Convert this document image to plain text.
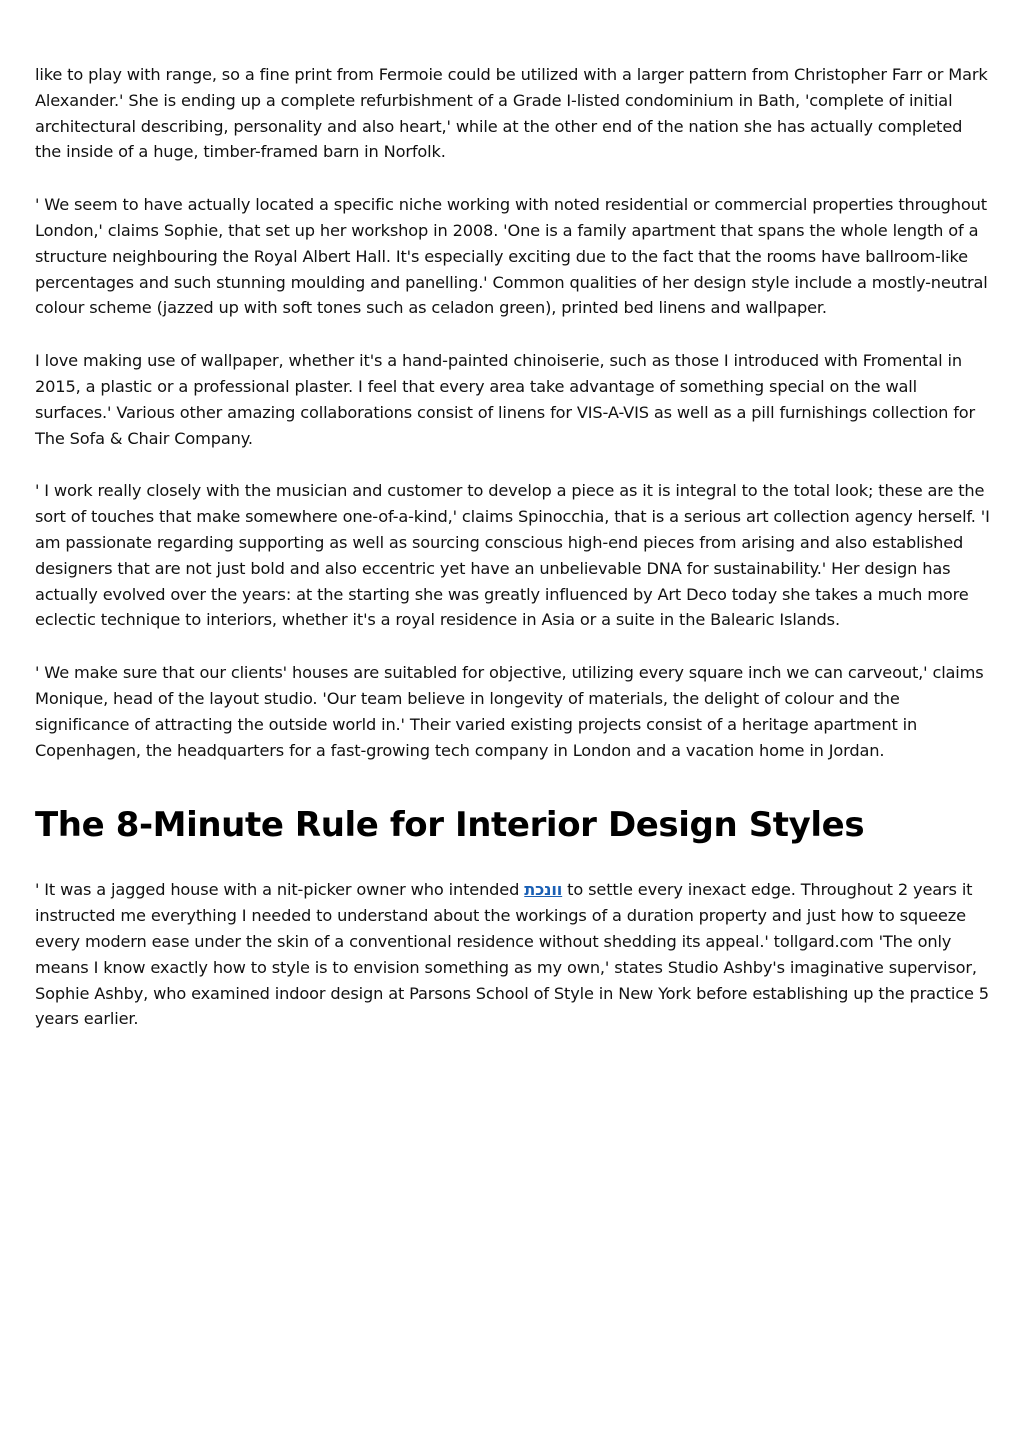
like to play with range, so a fine print from Fermoie could be utilized with a larger pattern from Christopher Farr or Mark Alexander.' She is ending up a complete refurbishment of a Grade I-listed condominium in Bath, 'complete of initial architectural describing, personality and also heart,' while at the other end of the nation she has actually completed the inside of a huge, timber-framed barn in Norfolk.

' We seem to have actually located a specific niche working with noted residential or commercial properties throughout London,' claims Sophie, that set up her workshop in 2008. 'One is a family apartment that spans the whole length of a structure neighbouring the Royal Albert Hall. It's especially exciting due to the fact that the rooms have ballroom-like percentages and such stunning moulding and panelling.' Common qualities of her design style include a mostly-neutral colour scheme (jazzed up with soft tones such as celadon green), printed bed linens and wallpaper.

I love making use of wallpaper, whether it's a hand-painted chinoiserie, such as those I introduced with Fromental in 2015, a plastic or a professional plaster. I feel that every area take advantage of something special on the wall surfaces.' Various other amazing collaborations consist of linens for VIS-A-VIS as well as a pill furnishings collection for The Sofa & Chair Company.

' I work really closely with the musician and customer to develop a piece as it is integral to the total look; these are the sort of touches that make somewhere one-of-a-kind,' claims Spinocchia, that is a serious art collection agency herself. 'I am passionate regarding supporting as well as sourcing conscious high-end pieces from arising and also established designers that are not just bold and also eccentric yet have an unbelievable DNA for sustainability.' Her design has actually evolved over the years: at the starting she was greatly influenced by Art Deco today she takes a much more eclectic technique to interiors, whether it's a royal residence in Asia or a suite in the Balearic Islands.

' We make sure that our clients' houses are suitabled for objective, utilizing every square inch we can carveout,' claims Monique, head of the layout studio. 'Our team believe in longevity of materials, the delight of colour and the significance of attracting the outside world in.' Their varied existing projects consist of a heritage apartment in Copenhagen, the headquarters for a fast-growing tech company in London and a vacation home in Jordan.

The 8-Minute Rule for Interior Design Styles

' It was a jagged house with a nit-picker owner who intended וונכת to settle every inexact edge. Throughout 2 years it instructed me everything I needed to understand about the workings of a duration property and just how to squeeze every modern ease under the skin of a conventional residence without shedding its appeal.' tollgard.com 'The only means I know exactly how to style is to envision something as my own,' states Studio Ashby's imaginative supervisor, Sophie Ashby, who examined indoor design at Parsons School of Style in New York before establishing up the practice 5 years earlier.
